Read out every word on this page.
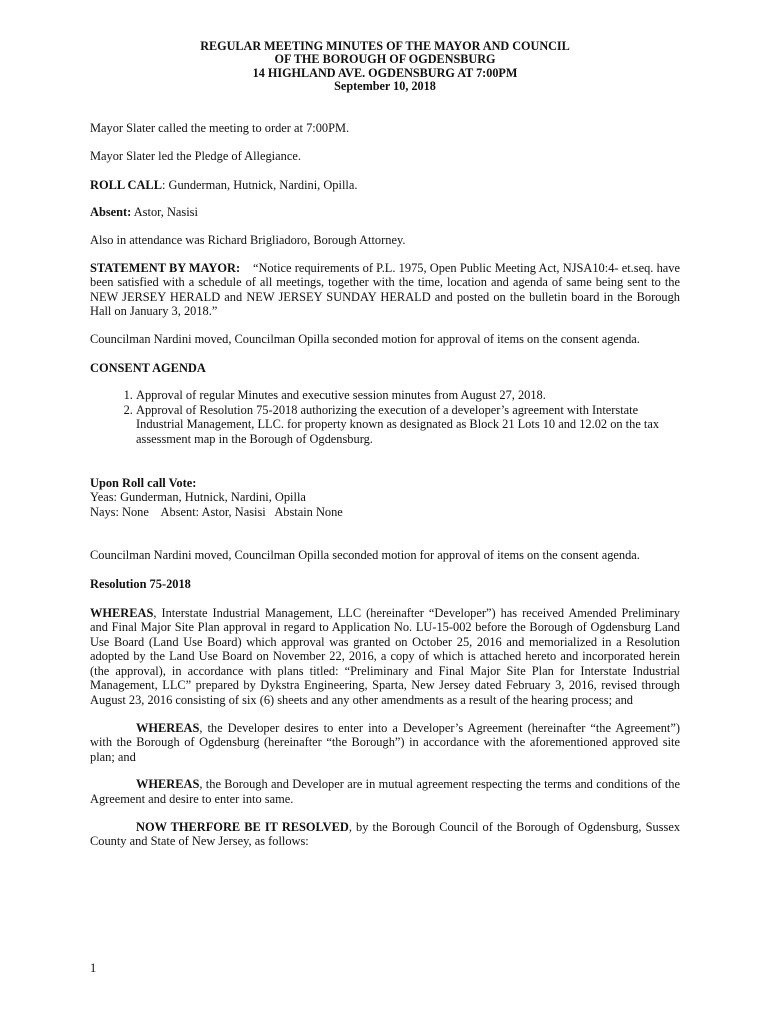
REGULAR MEETING MINUTES OF THE MAYOR AND COUNCIL
OF THE BOROUGH OF OGDENSBURG
14 HIGHLAND AVE. OGDENSBURG AT 7:00PM
September 10, 2018

Mayor Slater called the meeting to order at 7:00PM.

Mayor Slater led the Pledge of Allegiance.

ROLL CALL: Gunderman, Hutnick, Nardini, Opilla.

Absent: Astor, Nasisi

Also in attendance was Richard Brigliadoro, Borough Attorney.

STATEMENT BY MAYOR:    “Notice requirements of P.L. 1975, Open Public Meeting Act, NJSA10:4- et.seq. have been satisfied with a schedule of all meetings, together with the time, location and agenda of same being sent to the NEW JERSEY HERALD and NEW JERSEY SUNDAY HERALD and posted on the bulletin board in the Borough Hall on January 3, 2018.”

Councilman Nardini moved, Councilman Opilla seconded motion for approval of items on the consent agenda.

CONSENT AGENDA

1. Approval of regular Minutes and executive session minutes from August 27, 2018.
2. Approval of Resolution 75-2018 authorizing the execution of a developer’s agreement with Interstate Industrial Management, LLC. for property known as designated as Block 21 Lots 10 and 12.02 on the tax assessment map in the Borough of Ogdensburg.

Upon Roll call Vote:

Yeas: Gunderman, Hutnick, Nardini, Opilla

Nays: None    Absent: Astor, Nasisi   Abstain None

Councilman Nardini moved, Councilman Opilla seconded motion for approval of items on the consent agenda.

Resolution 75-2018

WHEREAS, Interstate Industrial Management, LLC (hereinafter “Developer”) has received Amended Preliminary and Final Major Site Plan approval in regard to Application No. LU-15-002 before the Borough of Ogdensburg Land Use Board (Land Use Board) which approval was granted on October 25, 2016 and memorialized in a Resolution adopted by the Land Use Board on November 22, 2016, a copy of which is attached hereto and incorporated herein (the approval), in accordance with plans titled: “Preliminary and Final Major Site Plan for Interstate Industrial Management, LLC” prepared by Dykstra Engineering, Sparta, New Jersey dated February 3, 2016, revised through August 23, 2016 consisting of six (6) sheets and any other amendments as a result of the hearing process; and

WHEREAS, the Developer desires to enter into a Developer’s Agreement (hereinafter “the Agreement”) with the Borough of Ogdensburg (hereinafter “the Borough”) in accordance with the aforementioned approved site plan; and

WHEREAS, the Borough and Developer are in mutual agreement respecting the terms and conditions of the Agreement and desire to enter into same.

NOW THERFORE BE IT RESOLVED, by the Borough Council of the Borough of Ogdensburg, Sussex County and State of New Jersey, as follows:

1
